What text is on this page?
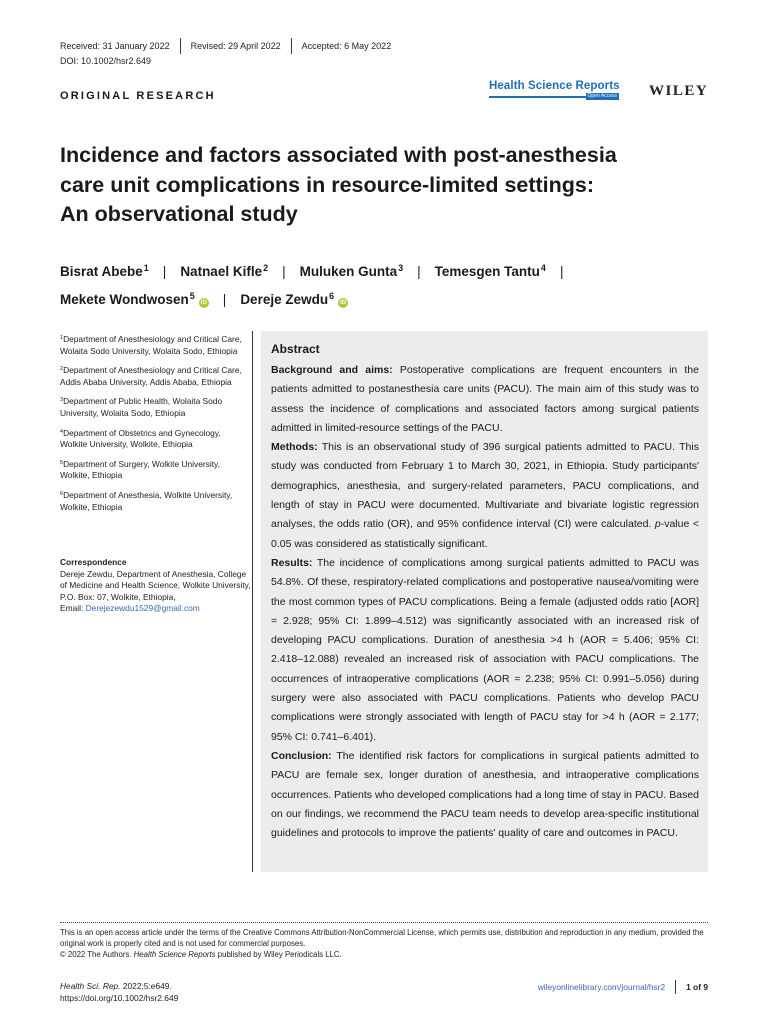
Received: 31 January 2022 Revised: 29 April 2022 Accepted: 6 May 2022
DOI: 10.1002/hsr2.649
ORIGINAL RESEARCH
Health Science Reports
Open Access WILEY
Incidence and factors associated with post-anesthesia
care unit complications in resource-limited settings:
An observational study
Bisrat Abebe$^1$ | Natnael Kifle$^2$ | Muluken Gunta$^3$ | Temesgen Tantu$^4$ |
Mekete Wondwosen$^5$iD | Dereje Zewdu$^6$iD
$^1$Department of Anesthesiology and Critical Care, Wolaita Sodo University, Wolaita Sodo, Ethiopia
$^2$Department of Anesthesiology and Critical Care, Addis Ababa University, Addis Ababa, Ethiopia
$^3$Department of Public Health, Wolaita Sodo University, Wolaita Sodo, Ethiopia
$^4$Department of Obstetrics and Gynecology, Wolkite University, Wolkite, Ethiopia
$^5$Department of Surgery, Wolkite University, Wolkite, Ethiopia
$^6$Department of Anesthesia, Wolkite University, Wolkite, Ethiopia
Correspondence
Dereje Zewdu, Department of Anesthesia, College of Medicine and Health Science, Wolkite University, P.O. Box: 07, Wolkite, Ethiopia,
Email: Derejezewdu1529@gmail.com
Abstract

Background and aims: Postoperative complications are frequent encounters in the patients admitted to postanesthesia care units (PACU). The main aim of this study was to assess the incidence of complications and associated factors among surgical patients admitted in limited-resource settings of the PACU.

Methods: This is an observational study of 396 surgical patients admitted to PACU. This study was conducted from February 1 to March 30, 2021, in Ethiopia. Study participants' demographics, anesthesia, and surgery-related parameters, PACU complications, and length of stay in PACU were documented. Multivariate and bivariate logistic regression analyses, the odds ratio (OR), and 95% confidence interval (CI) were calculated. p-value < 0.05 was considered as statistically significant.

Results: The incidence of complications among surgical patients admitted to PACU was 54.8%. Of these, respiratory-related complications and postoperative nausea/vomiting were the most common types of PACU complications. Being a female (adjusted odds ratio [AOR] = 2.928; 95% CI: 1.899–4.512) was significantly associated with an increased risk of developing PACU complications. Duration of anesthesia >4 h (AOR = 5.406; 95% CI: 2.418–12.088) revealed an increased risk of association with PACU complications. The occurrences of intraoperative complications (AOR = 2.238; 95% CI: 0.991–5.056) during surgery were also associated with PACU complications. Patients who develop PACU complications were strongly associated with length of PACU stay for >4 h (AOR = 2.177; 95% CI: 0.741–6.401).

Conclusion: The identified risk factors for complications in surgical patients admitted to PACU are female sex, longer duration of anesthesia, and intraoperative complications occurrences. Patients who developed complications had a long time of stay in PACU. Based on our findings, we recommend the PACU team needs to develop area-specific institutional guidelines and protocols to improve the patients' quality of care and outcomes in PACU.

This is an open access article under the terms of the Creative Commons Attribution-NonCommercial License, which permits use, distribution and reproduction in any medium, provided the original work is properly cited and is not used for commercial purposes.
© 2022 The Authors. Health Science Reports published by Wiley Periodicals LLC.
Health Sci. Rep. 2022;5:e649.
https://doi.org/10.1002/hsr2.649
wileyonlinelibrary.com/journal/hsr2	1 of 9
